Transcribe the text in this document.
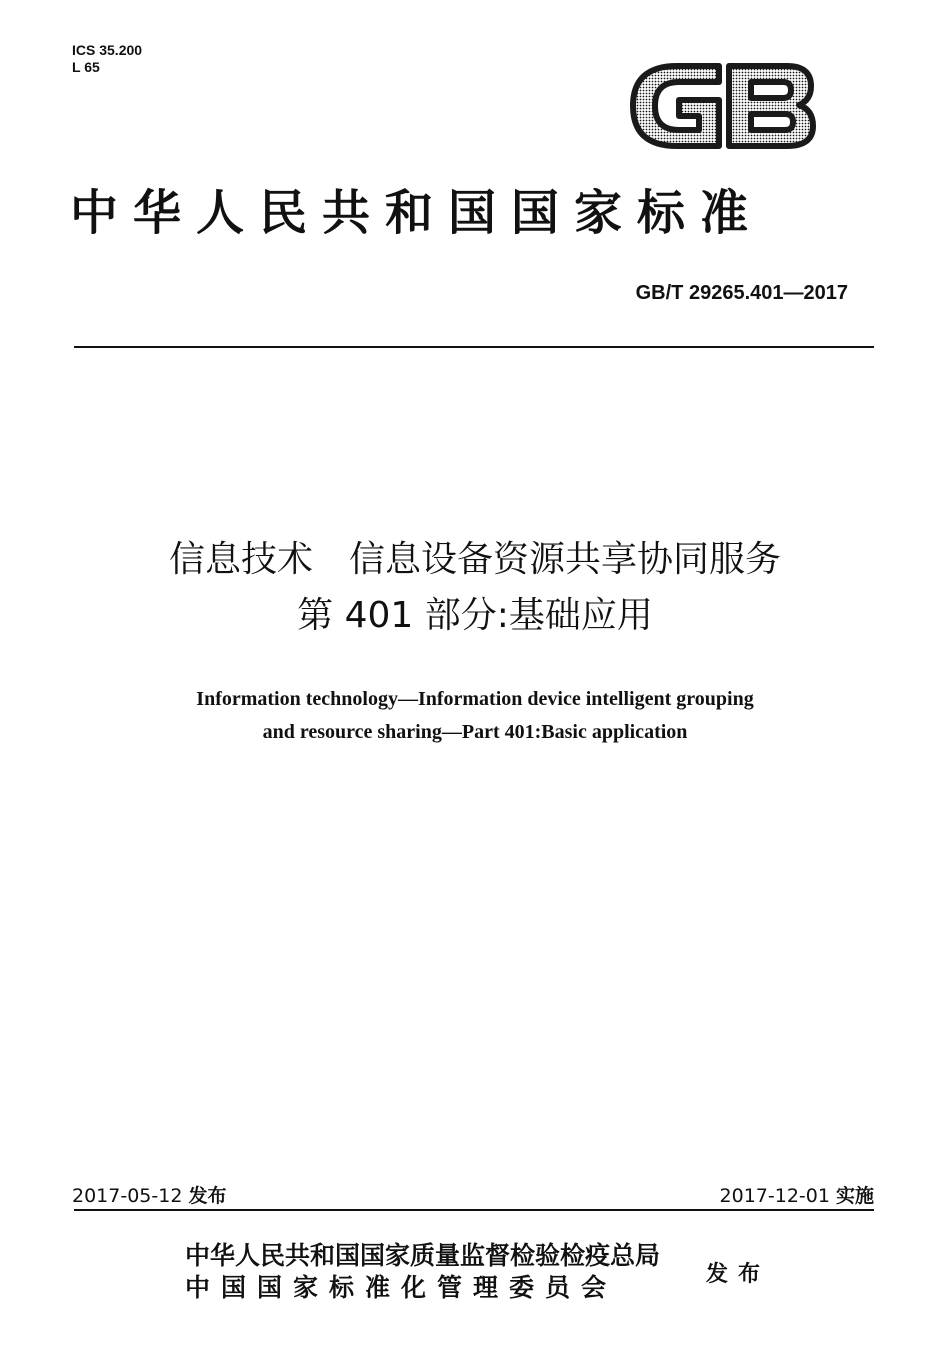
ICS 35.200
L 65
中华人民共和国国家标准
GB/T 29265.401—2017
信息技术　信息设备资源共享协同服务
第 401 部分:基础应用
Information technology—Information device intelligent grouping
and resource sharing—Part 401:Basic application
2017-05-12 发布	2017-12-01 实施
中华人民共和国国家质量监督检验检疫总局
中国国家标准化管理委员会	发布
